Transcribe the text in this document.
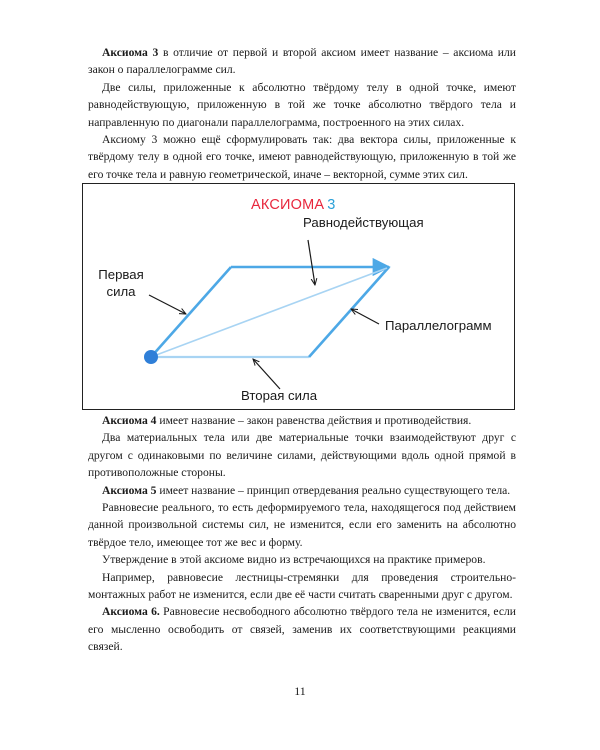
Аксиома 3 в отличие от первой и второй аксиом имеет название – аксиома или закон о параллелограмме сил.

Две силы, приложенные к абсолютно твёрдому телу в одной точке, имеют равнодействующую, приложенную в той же точке абсолютно твёрдого тела и направленную по диагонали параллелограмма, построенного на этих силах.

Аксиому 3 можно ещё сформулировать так: два вектора силы, приложенные к твёрдому телу в одной его точке, имеют равнодействующую, приложенную в той же его точке тела и равную геометрической, иначе – векторной, сумме этих сил.

АКСИОМА 3
Равнодействующая
Первая
сила
Параллелограмм
Вторая сила

Аксиома 4 имеет название – закон равенства действия и противодействия.

Два материальных тела или две материальные точки взаимодействуют друг с другом с одинаковыми по величине силами, действующими вдоль одной прямой в противоположные стороны.

Аксиома 5 имеет название – принцип отвердевания реально существующего тела.

Равновесие реального, то есть деформируемого тела, находящегося под действием данной произвольной системы сил, не изменится, если его заменить на абсолютно твёрдое тело, имеющее тот же вес и форму.

Утверждение в этой аксиоме видно из встречающихся на практике примеров.

Например, равновесие лестницы-стремянки для проведения строительно-монтажных работ не изменится, если две её части считать сваренными друг с другом.

Аксиома 6. Равновесие несвободного абсолютно твёрдого тела не изменится, если его мысленно освободить от связей, заменив их соответствующими реакциями связей.

11
